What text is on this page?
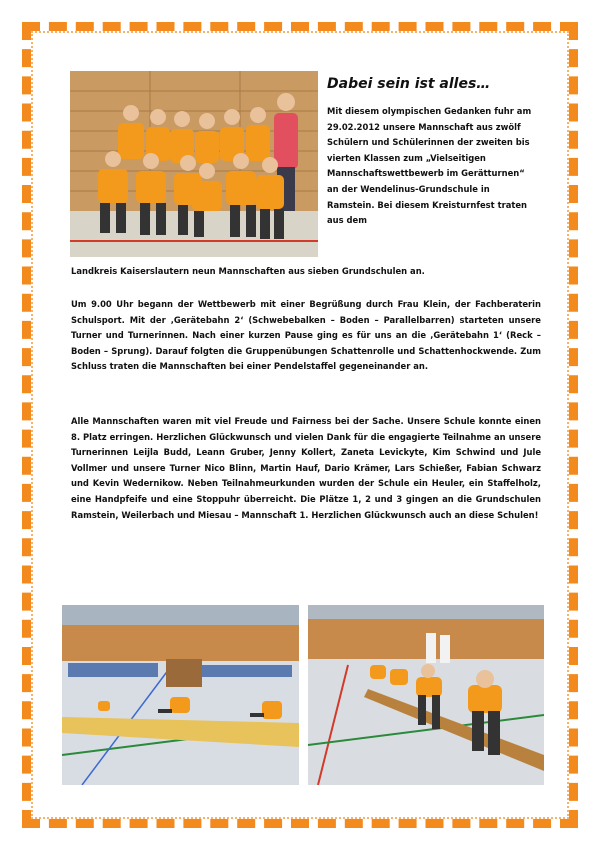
Dabei sein ist alles…
Mit diesem olympischen Gedanken fuhr am 29.02.2012 unsere Mannschaft aus zwölf Schülern und Schülerinnen der zweiten bis vierten Klassen zum „Vielseitigen Mannschaftswettbewerb im Gerätturnen“ an der Wendelinus-Grundschule in Ramstein. Bei diesem Kreisturnfest traten aus dem
Landkreis Kaiserslautern neun Mannschaften aus sieben Grundschulen an.
Um 9.00 Uhr begann der Wettbewerb mit einer Begrüßung durch Frau Klein, der Fachberaterin Schulsport. Mit der ‚Gerätebahn 2‘ (Schwebebalken – Boden – Parallelbarren) starteten unsere Turner und Turnerinnen. Nach einer kurzen Pause ging es für uns an die ‚Gerätebahn 1‘ (Reck – Boden – Sprung). Darauf folgten die Gruppenübungen Schattenrolle und Schattenhockwende. Zum Schluss traten die Mannschaften bei einer Pendelstaffel gegeneinander an.
Alle Mannschaften waren mit viel Freude und Fairness bei der Sache. Unsere Schule konnte einen 8. Platz erringen. Herzlichen Glückwunsch und vielen Dank für die engagierte Teilnahme an unsere Turnerinnen Leijla Budd, Leann Gruber, Jenny Kollert, Zaneta Levickyte, Kim Schwind und Jule Vollmer und unsere Turner Nico Blinn, Martin Hauf, Dario Krämer, Lars Schießer, Fabian Schwarz und Kevin Wedernikow. Neben Teilnahmeurkunden wurden der Schule ein Heuler, ein Staffelholz, eine Handpfeife und eine Stoppuhr überreicht. Die Plätze 1, 2 und 3 gingen an die Grundschulen Ramstein, Weilerbach und Miesau – Mannschaft 1. Herzlichen Glückwunsch auch an diese Schulen!
